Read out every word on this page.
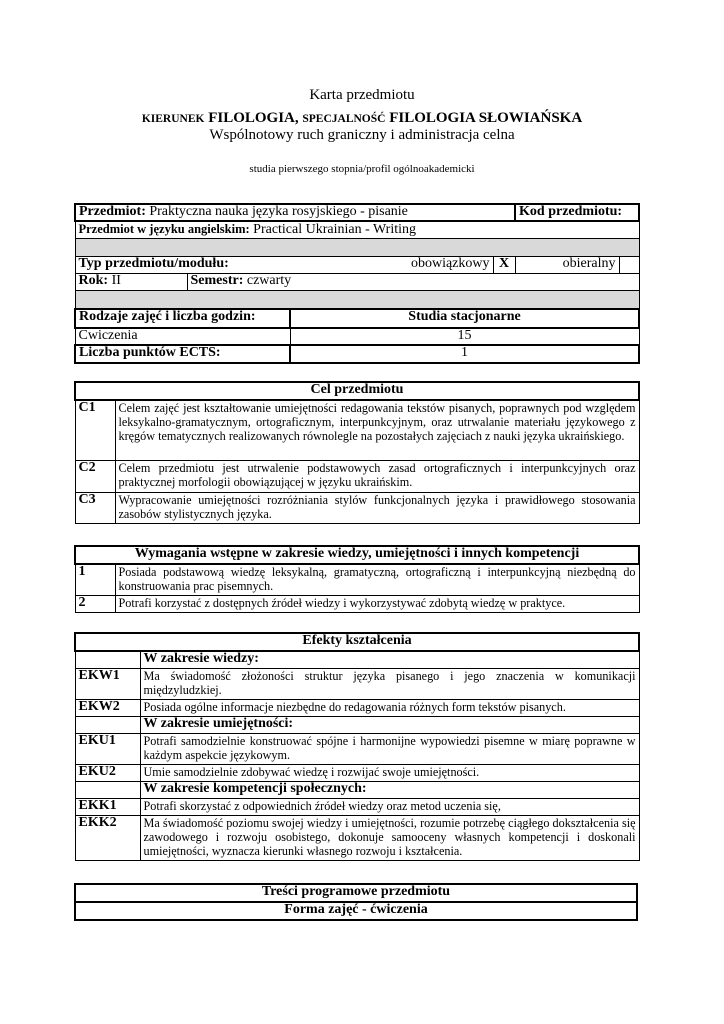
Karta przedmiotu
KIERUNEK FILOLOGIA, SPECJALNOŚĆ FILOLOGIA SŁOWIAŃSKA
Wspólnotowy ruch graniczny i administracja celna
studia pierwszego stopnia/profil ogólnoakademicki
Przedmiot: Praktyczna nauka języka rosyjskiego - pisanie				Kod przedmiotu:	
Przedmiot w języku angielskim: Practical Ukrainian - Writing					

Typ przedmiotu/modułu:		obowiązkowy	X	obieralny	
Rok: II	Semestr: czwarty				

Rodzaje zajęć i liczba godzin:	Studia stacjonarne
Ćwiczenia	15
Liczba punktów ECTS:	1
Cel przedmiotu	
C1	Celem zajęć jest kształtowanie umiejętności redagowania tekstów pisanych, poprawnych pod względem leksykalno-gramatycznym, ortograficznym, interpunkcyjnym, oraz utrwalanie materiału językowego z kręgów tematycznych realizowanych równolegle na pozostałych zajęciach z nauki języka ukraińskiego.
C2	Celem przedmiotu jest utrwalenie podstawowych zasad ortograficznych i interpunkcyjnych oraz praktycznej morfologii obowiązującej w języku ukraińskim.
C3	Wypracowanie umiejętności rozróżniania stylów funkcjonalnych języka i prawidłowego stosowania zasobów stylistycznych języka.
Wymagania wstępne w zakresie wiedzy, umiejętności i innych kompetencji	
1	Posiada podstawową wiedzę leksykalną, gramatyczną, ortograficzną i interpunkcyjną niezbędną do konstruowania prac pisemnych.
2	Potrafi korzystać z dostępnych źródeł wiedzy i wykorzystywać zdobytą wiedzę w praktyce.
Efekty kształcenia	
	W zakresie wiedzy:
EKW1	Ma świadomość złożoności struktur języka pisanego i jego znaczenia w komunikacji międzyludzkiej.
EKW2	Posiada ogólne informacje niezbędne do redagowania różnych form tekstów pisanych.
	W zakresie umiejętności:
EKU1	Potrafi samodzielnie konstruować spójne i harmonijne wypowiedzi pisemne w miarę poprawne w każdym aspekcie językowym.
EKU2	Umie samodzielnie zdobywać wiedzę i rozwijać swoje umiejętności.
	W zakresie kompetencji społecznych:
EKK1	Potrafi skorzystać z odpowiednich źródeł wiedzy oraz metod uczenia się,
EKK2	Ma świadomość poziomu swojej wiedzy i umiejętności, rozumie potrzebę ciągłego dokształcenia się zawodowego i rozwoju osobistego, dokonuje samooceny własnych kompetencji i doskonali umiejętności, wyznacza kierunki własnego rozwoju i kształcenia.
Treści programowe przedmiotu
Forma zajęć - ćwiczenia
